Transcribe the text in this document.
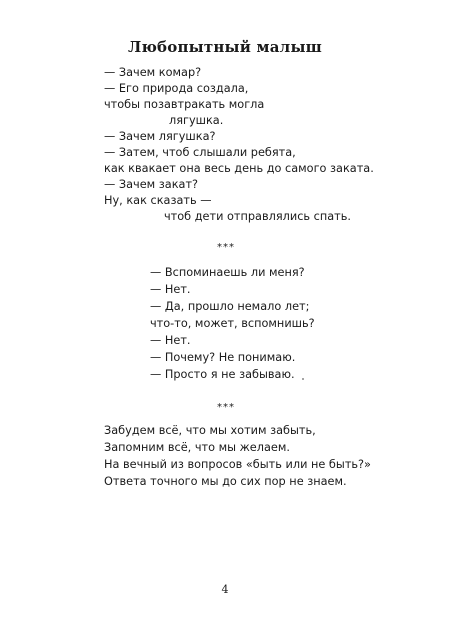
Любопытный малыш
— Зачем комар?
— Его природа создала,
чтобы позавтракать могла
лягушка.
— Зачем лягушка?
— Затем, чтоб слышали ребята,
как квакает она весь день до самого заката.
— Зачем закат?
Ну, как сказать —
чтоб дети отправлялись спать.
***
— Вспоминаешь ли меня?
— Нет.
— Да, прошло немало лет;
что-то, может, вспомнишь?
— Нет.
— Почему? Не понимаю.
— Просто я не забываю.
***
Забудем всё, что мы хотим забыть,
Запомним всё, что мы желаем.
На вечный из вопросов «быть или не быть?»
Ответа точного мы до сих пор не знаем.
4
